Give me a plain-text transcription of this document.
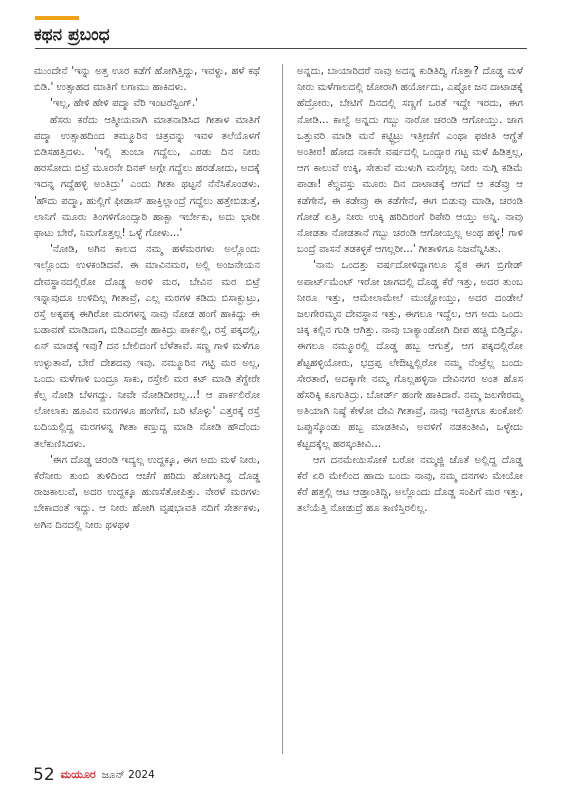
ಕಥನ ಪ್ರಬಂಧ

ಮುಂದೇನೆ 'ಇನ್ನು ಅತ್ತ ಊರ ಕಡೆಗೆ ಹೋಗಿತ್ತಿದ್ದು, ಇವಳ್ದು, ಹಳೆ ಕಥೆ ಬಿಡಿ.' ಉತ್ಸಾಹದ ಮಾತಿಗೆ ಲಗಾಮು ಹಾಕಿದಳು.

'ಇಲ್ಲ, ಹೇಳಿ ಹೇಳಿ ಪದ್ಮಾ ವೆರಿ ಇಂಟರೆಸ್ಟಿಂಗ್.'

ಹೆಸರು ಕರೆದು ಆತ್ಮೀಯವಾಗಿ ಮಾತನಾಡಿಸಿದ ಗೀತಾಳ ಮಾತಿಗೆ ಪದ್ಮಾ ಉತ್ಸಾಹದಿಂದ ತಮ್ಮೂರಿನ ಚಿತ್ರವನ್ನು ಇವಳ ತಲೆಯೊಳಗೆ ಬಿಡಿಸಹತ್ತಿದಳು. 'ಇಲ್ಲಿ ತುಂಬಾ ಗದ್ದೆಲು, ಎರಡು ದಿನ ನೀರು ಹರಸೋದು ಬಿಟ್ರೆ ಮೂರನೇ ದಿನಕ್ ಅಗ್ಗೇ ಗದ್ದೆಲು ಹರಡೋದು, ಅದಕ್ಕೆ ಇದನ್ನ ಗದ್ದೆಹಳ್ಳಿ ಅಂತಿದ್ರು' ಎಂದು ಗೀತಾ ಥಟ್ಟನೆ ನೆನೆಸಿಕೊಂಡಳು. 'ಹೌದು ಪದ್ಮಾ, ಹುಲ್ಲಿಗೆ ಫೀಡಾಸ್ ಹಾಕ್ತಿಲ್ಲಾಂದ್ರೆ ಗದ್ದೆಲು ಹತ್ತೇಬಿಡುತ್ತೆ, ಲಾನಿಗೆ ಮೂರು ತಿಂಗಳಿಗೊಂದ್ಸಾರಿ ಹಾಕ್ಬಾ ಇರ್ಬೇಕು, ಅದು ಭಾರೀ ಫಾಟು ಬೇರೆ, ನಿಮಗೊತ್ತಲ್ಲ! ಒಳ್ಳೆ ಗೋಳು...'

'ನೋಡಿ, ಅಗಿನ ಕಾಲದ ನಮ್ಮ ಹಳೆಮರಗಳು ಅಲ್ಲೊಂದು ಇಲ್ಲೊಂದು ಉಳಕಂಡಿದವೆ. ಈ ಮಾವಿನಮರ, ಅಲ್ಲಿ ಅಂಜನೇಯನ ದೇವಸ್ಥಾನದಲ್ಲಿರೋ ದೊಡ್ಡ ಅರಳಿ ಮರ, ಬೇವಿನ ಮರ ಬಿಟ್ರೆ ಇನ್ನಾವುದೂ ಉಳಿದಿಲ್ಲ ಗೀತಾವ್ರೆ, ಎಲ್ಲ ಮರಗಳ ಕಡಿದು ಬಿಸಾಕ್ಬುಟ್ರು, ರಸ್ತೆ ಅಕ್ಕಪಕ್ಕ ಈಗಿರೋ ಮರಗಳನ್ನ ನಾವು ನೋಡ ಹಂಗೆ ಹಾಕಿದ್ದು ಈ ಬಡಾವಣೆ ಮಾಡಿದಾಗ, ಬಿಡಿಎದವ್ರೇ ಹಾಕಿದ್ರು ಪಾರ್ಕಲ್ಲಿ, ರಸ್ತೆ ಪಕ್ಕದಲ್ಲಿ, ಏನ್ ಮಾಡಕ್ಕೆ ಇವು? ದನ ಬೇಲಿದಂಗೆ ಬೆಳೆತಾವೆ. ಸಣ್ಣ ಗಾಳಿ ಮಳೆಗೂ ಉಳ್ಳುತಾವೆ, ಬೇರೆ ದೇಶದವು ಇವು. ನಮ್ಮೂರಿನ ಗಟ್ಟಿ ಮರ ಅಲ್ಲ, ಒಂದು ಮಳೆಗಾಳಿ ಬಂದ್ರೂ ಸಾಕು, ರಸ್ತೇಲಿ ಮರ ಕಟ್ ಮಾಡಿ ತೆಗ್ದೇರೇ ಕೆಲ್ಸ ನೋಡಿ ಬೆಳಗದ್ದು. ನೀವೇ ನೋಡಿದೀರಲ್ಲ...! ಆ ಪಾರ್ಕಲಿರೋ ಲೋಲಾಕು ಹೂವಿನ ಮರಗಳೂ ಹಂಗೇನೆ, ಬರಿ ಟೊಳ್ಳು' ಎತ್ತರಕ್ಕೆ ರಸ್ತೆ ಬದಿಯಲ್ಲಿದ್ದ ಮರಗಳನ್ನ ಗೀತಾ ಕಣ್ತುದ್ದ ಮಾಡಿ ನೋಡಿ ಹೌದೆಂದು ತಲೆಕುಣಿಸಿದಳು.

'ಈಗ ದೊಡ್ಡ ಚರಂಡಿ ಇದ್ಯಲ್ಲ ಉದ್ದಕ್ಕೂ, ಈಗ ಅದು ಮಳೆ ನೀರು, ಕೆರೆನೀರು ತುಂಬಿ ತುಳಿದಿಂದ ಆಚೆಗೆ ಹರಿದು ಹೋಗುತಿದ್ದ ದೊಡ್ಡ ರಾಜಕಾಲುವೆ, ಅದರ ಉದ್ದಕ್ಕೂ ಹುಣಸೆತೋಪಿತ್ತು. ನೇರಳೆ ಮರಗಳು ಬೇಕಾದಂತೆ ಇದ್ದು. ಆ ನೀರು ಹೋಗಿ ವೃಷಭಾವತಿ ನದಿಗೆ ಸೇರ್ತಕಳು, ಅಗಿನ ದಿನದಲ್ಲಿ ನೀರು ಥಳಥಳ

ಅನ್ನದು, ಬಾಯಾರಿದರೆ ನಾವು ಅದನ್ನ ಕುಡಿತಿದ್ವಿ ಗೊತ್ತಾ? ದೊಡ್ಡ ಮಳೆ ನೀರು ಮಳೆಗಾಲದಲ್ಲಿ ಜೋರಾಗಿ ಹರ್ಯೋದು, ಎಷ್ಟೋ ಜನ ದಾಟಾಡಕ್ಕೆ ಹೆದ್ರೋರು, ಬೇಟಿಗೆ ದಿನದಲ್ಲಿ ಸಣ್ಣಗೆ ಒರತೆ ಇದ್ದೇ ಇರದು, ಈಗ ನೋಡಿ... ಕಾಲ್ವೆ ಅನ್ನದು ಗಬ್ಬು ನಾರೋ ಚರಂಡಿ ಆಗೋಯ್ತು. ಜಾಗ ಒತ್ತುವರಿ ಮಾಡಿ ಮನೆ ಕಟ್ಟ್ಬಿಟ್ರು ಇತ್ತೀಚೆಗೆ ಎಂಥಾ ಫಜೀತಿ ಆಗ್ಹೆತೆ ಅಂತೀರ! ಹೋದ ನಾಕನೇ ವರ್ಷದಲ್ಲಿ ಒಂದ್ಸಾರ ಗಟ್ಟ ಮಳೆ ಹಿಡಿತ್ತಲ್ಲ, ಆಗ ಕಾಲುವೆ ಉಕ್ಕಿ, ಸೇತುವೆ ಮುಳುಗಿ ಮನೆಗ್ಳಲ್ಲ ನೀರು ನುಗ್ಗಿ ಕಡಿಮೆ ಪಾಡಾ! ಕೆಲ್ದವಸ್ತು ಮೂರು ದಿನ ದಾಟಾಡಕ್ಕೆ ಆಗದೆ ಆ ಕಡೆವ್ರು ಆ ಕಡೆಗೇನೆ, ಈ ಕಡೇವ್ರು ಈ ಕಡೆಗೇನೆ, ಈಗ ಬಿಡುವು ಮಾಡಿ, ಚರಂಡಿ ಗೋಡೆ ಏತ್ತಿ, ನೀರು ಉಕ್ಕಿ ಹರಿದಿರಂಗೆ ರಿಪೇರಿ ಆಯ್ತು ಅನ್ನಿ. ನಾವು ನೋಡತಾ ನೋಡತಾನೆ ಗಬ್ಬು ಚರಂಡಿ ಆಗೋಯ್ತಲ್ಲ ಅಂಥ ಹಳ್ಳ! ಗಾಳಿ ಬಂದ್ರೆ ವಾಸನೆ ತಡಕಳ್ಳಕೆ ಆಗಲ್ಲರೀ...' ಗೀತಾಳಿಗೂ ನಿಜವೆನ್ನಿಸಿತು.

'ನಾನು ಒಂದತ್ತು ವರ್ಷದೋಳಿದ್ದಾಗಲೂ ಸ್ವೆಠ ಈಗ ಬ್ರಿಗೇಡ್ ಅಪಾರ್ಟ್‌ಮೆಂಟ್ ಇರೋ ಜಾಗದಲ್ಲಿ ದೊಡ್ಡ ಕೆರೆ ಇತ್ತು, ಅದರ ತುಂಬ ನೀರೂ ಇತ್ತು, ಆಮೇಲಾಮೇಲೆ ಮುಚ್ಹೋಯ್ತು, ಅದರ ದಂಡೇಲೆ ಜಲಗೇರಮ್ಮನ ದೇವಸ್ಥಾನ ಇತ್ತು, ಈಗಲೂ ಇದ್ದೆಲ, ಆಗ ಅದು ಒಂದು ಚಿಕ್ಕ ಕಲ್ಲಿನ ಗುಡಿ ಆಗಿತ್ತು. ನಾವು ಬಾಕ್ಯಾಂಡೋಗಿ ದೀಪ ಹಚ್ಚಿ ಬಿಡ್ತಿದ್ದೊ. ಈಗಲೂ ನಮ್ಮೂರಲ್ಲಿ ದೊಡ್ಡ ಹಬ್ಬ ಆಗುತ್ತೆ, ಆಗ ಪಕ್ಕದಲ್ಲಿರೋ ಶೆಟ್ಟಹಳ್ಳಿಯೋರು, ಭದ್ರಪ್ಪ ಲೇಔಟ್ನಲ್ಲಿರೋ ನಮ್ಮ ನೆಂಟ್ರೆಲ್ಲ ಬಂದು ಸೇರತಾರೆ, ಅದಕ್ಕಾಗೇ ನಮ್ಮ ಗೊಲ್ಲಹಳ್ಳಿನಾ ದೇವಿನಗರ ಅಂತ ಹೊಸ ಹೆಸರಿಕ್ಕಿ ಕೂಗುತಿದ್ರು. ಬೋರ್ಡ್ ಹಂಗೇ ಹಾಕಿದಾರೆ. ನಮ್ಮ ಜಲಗೇರಮ್ಮ ಅತಿಯಾಗಿ ನಿಷ್ಠೆ ಕೇಳೋ ದೇವಿ ಗೀತಾವ್ರೆ, ನಾವು ಇವತ್ತೀಗೂ ಕುಂಕೋಲಿ ಒಪ್ಪುಸ್ಕೊಂಡು ಹಬ್ಬ ಮಾಡತೀವಿ, ಅವಳಿಗೆ ನಡಕಂತೀವಿ, ಒಳ್ಳೇದು ಕೆಟ್ಟದಕ್ಕೆಲ್ಲ ಹರಸ್ಕಂತೀವಿ...

ಆಗ ದನಮೇಯಿಸೋಕೆ ಬರೋ ನಮ್ಮಜ್ಜಿ ಜೊತೆ ಅಲ್ಲಿದ್ದ ದೊಡ್ಡ ಕೆರೆ ಏರಿ ಮೇಲಿಂದ ಹಾದು ಬಂದು ನಾವು, ನಮ್ಮ ದನಗಳು ಮೇಯೋ ಕೆರೆ ಹತ್ತಲ್ಲಿ ಆಟ ಆಡ್ತಾಂತಿದ್ದಿ, ಅಲ್ಲೊಂದು ದೊಡ್ಡ ಸಂಪಿಗೆ ಮರ ಇತ್ತು, ತಲೆಯೆತ್ತಿ ನೋಡುದ್ರೆ ಹೂ ಕಾಣಿಸ್ತಿರಲಿಲ್ಲ.

52 ಮಯೂರ ಜೂನ್ 2024
